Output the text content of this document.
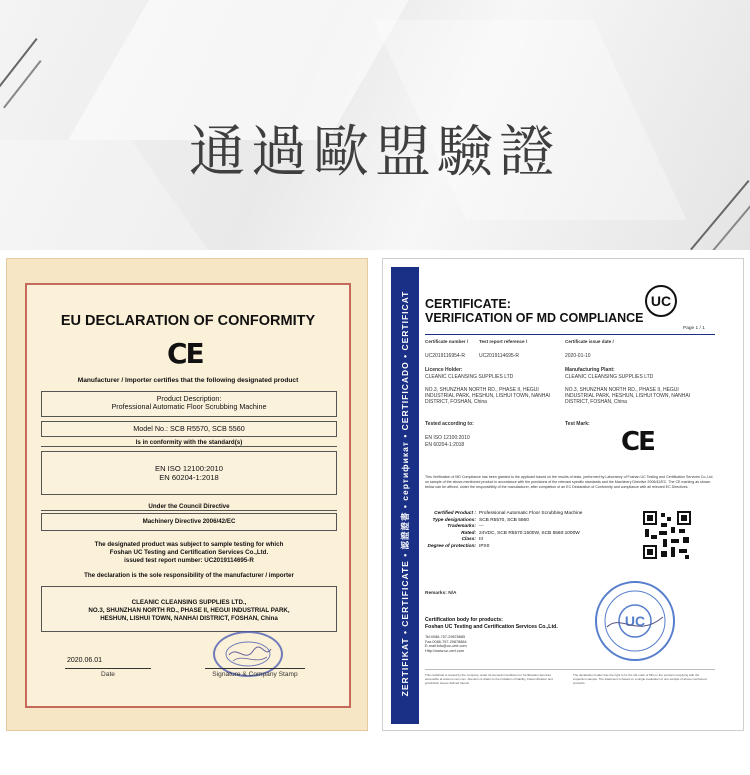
通過歐盟驗證
EU DECLARATION OF CONFORMITY
CE
Manufacturer / Importer certifies that the following designated product
Product Description:
Professional Automatic Floor Scrubbing Machine
Model No.: SCB R5570, SCB 5560
Is in conformity with the standard(s)
EN ISO 12100:2010
EN 60204-1:2018
Under the Council Directive
Machinery Directive 2006/42/EC
The designated product was subject to sample testing for which
Foshan UC Testing and Certification Services Co.,Ltd.
issued test report number: UC2019114695-R
The declaration is the sole responsibility of the manufacturer / importer
CLEANIC CLEANSING SUPPLIES LTD.,
NO.3, SHUNZHAN NORTH RD., PHASE II, HEGUI INDUSTRIAL PARK,
HESHUN, LISHUI TOWN, NANHAI DISTRICT, FOSHAN, China
2020.06.01
Date	Signature & Company Stamp	ZERTIFIKAT • CERTIFICATE • 認證證書 • сертификат • CERTIFICADO • CERTIFICAT	CERTIFICATE:
VERIFICATION OF MD COMPLIANCE
UC
Page 1 / 1
Certificate number / Test report reference /	Certificate issue date /
UC2019116954-R	UC2019114695-R	2020-01-10
Licence Holder:
CLEANIC CLEANSING SUPPLIES LTD
NO.3, SHUNZHAN NORTH RD., PHASE II, HEGUI INDUSTRIAL PARK, HESHUN, LISHUI TOWN, NANHAI DISTRICT, FOSHAN, China
Manufacturing Plant:
CLEANIC CLEANSING SUPPLIES LTD
NO.3, SHUNZHAN NORTH RD., PHASE II, HEGUI INDUSTRIAL PARK, HESHUN, LISHUI TOWN, NANHAI DISTRICT, FOSHAN, China
Tested according to:
EN ISO 12100:2010
EN 60204-1:2018
Test Mark:
CE
This Verification of MD Compliance has been granted to the applicant based on the results of tests, performed by Laboratory of Foshan UC Testing and Certification Services Co.,Ltd. on sample of the above-mentioned product in accordance with the provisions of the relevant specific standards and the Machinery Directive 2006/42/EC. The CE marking as shown below can be affixed, under the responsibility of the manufacturer, after completion of an EC Declaration of Conformity and compliance with all relevant EC Directives.
Certified Product : Professional Automatic Floor Scrubbing Machine
Type designations: SCB R5570, SCB 5560
Trademarks: ---
Rated: 24VDC, SCB R5570:1500W, SCB 5560:1000W
Class: III
Degree of protection: IPX0
Remarks: N/A
Certification body for products:
Foshan UC Testing and Certification Services Co.,Ltd.
Tel:0086-757-29878885
Fax:0086-757-29878884
E-mail:info@uc-cert.com
Http://www.uc-cert.com
UC
This certificate is issued by the company under its General Conditions for Certification Services accessible at www.uc-cert.com. Attention is drawn to the limitation of liability, indemnification and jurisdiction issues defined therein.
The declaration holder has the right to fix the CE mark of MD on the product complying with the inspection sample. The statement is based on a single evaluation of one sample of above mentioned products.
